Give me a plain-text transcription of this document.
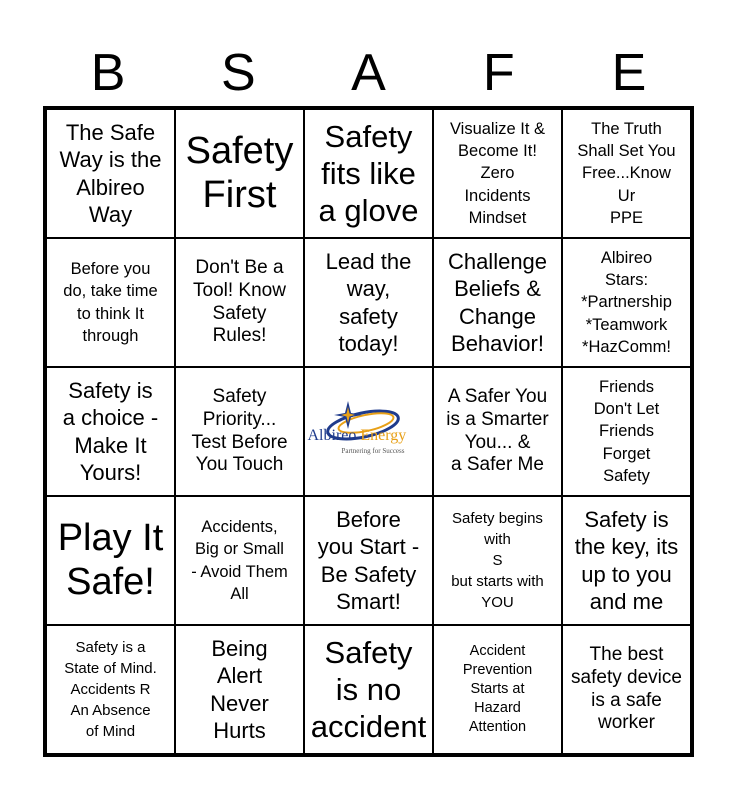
B	S	A	F	E
The Safe
Way is the
Albireo
Way
Safety
First
Safety
fits like
a glove
Visualize It &
Become It!
Zero
Incidents
Mindset
The Truth
Shall Set You
Free...Know
Ur
PPE
Before you
do, take time
to think It
through
Don't Be a
Tool! Know
Safety
Rules!
Lead the
way,
safety
today!
Challenge
Beliefs &
Change
Behavior!
Albireo
Stars:
*Partnership
*Teamwork
*HazComm!
Safety is
a choice -
Make It
Yours!
Safety
Priority...
Test Before
You Touch
Albireo Energy
Partnering for Success
A Safer You
is a Smarter
You... &
a Safer Me
Friends
Don't Let
Friends
Forget
Safety
Play It
Safe!
Accidents,
Big or Small
- Avoid Them
All
Before
you Start -
Be Safety
Smart!
Safety begins
with
S
but starts with
YOU
Safety is
the key, its
up to you
and me
Safety is a
State of Mind.
Accidents R
An Absence
of Mind
Being
Alert
Never
Hurts
Safety
is no
accident
Accident
Prevention
Starts at
Hazard
Attention
The best
safety device
is a safe
worker
